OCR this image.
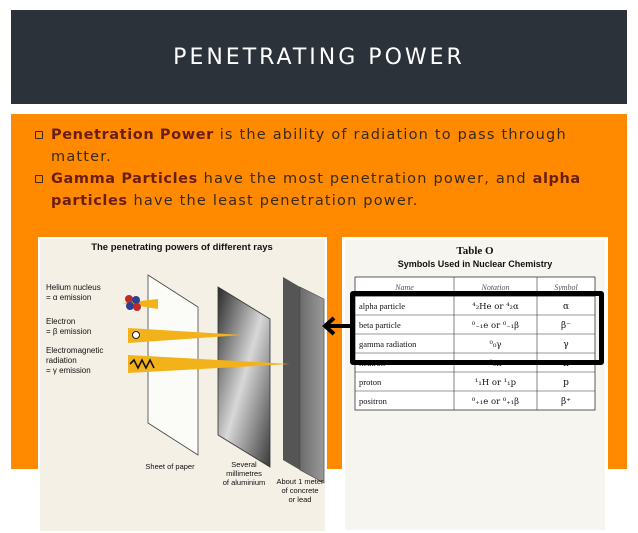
PENETRATING POWER
Penetration Power is the ability of radiation to pass through matter.
Gamma Particles have the most penetration power, and alpha particles have the least penetration power.
The penetrating powers of different rays
Helium nucleus
= α emission
Electron
= β emission
Electromagnetic
radiation
= γ emission
Sheet of paper	Several
millimetres
of aluminium About 1 meter
of concrete
or lead
Table O
Symbols Used in Nuclear Chemistry
Name	Notation	Symbol
alpha particle	⁴₂He or ⁴₂α	α
beta particle	⁰₋₁e or ⁰₋₁β	β⁻
gamma radiation	⁰₀γ	γ
neutron	¹₀n	n
proton	¹₁H or ¹₁p	p
positron	⁰₊₁e or ⁰₊₁β	β⁺
